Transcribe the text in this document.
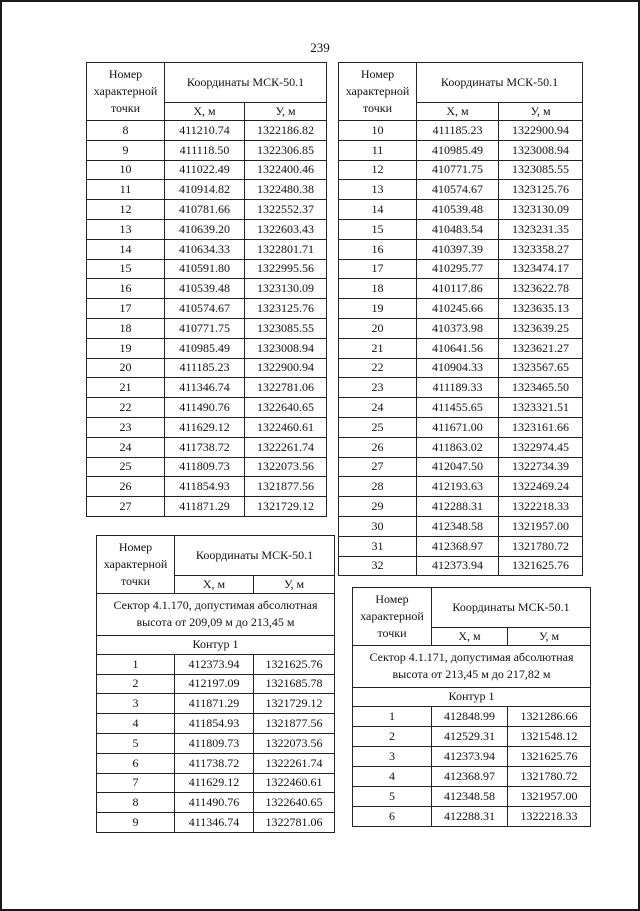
239
Номер характерной точки	Координаты МСК-50.1	
	Х, м	У, м
8	411210.74	1322186.82
9	411118.50	1322306.85
10	411022.49	1322400.46
11	410914.82	1322480.38
12	410781.66	1322552.37
13	410639.20	1322603.43
14	410634.33	1322801.71
15	410591.80	1322995.56
16	410539.48	1323130.09
17	410574.67	1323125.76
18	410771.75	1323085.55
19	410985.49	1323008.94
20	411185.23	1322900.94
21	411346.74	1322781.06
22	411490.76	1322640.65
23	411629.12	1322460.61
24	411738.72	1322261.74
25	411809.73	1322073.56
26	411854.93	1321877.56
27	411871.29	1321729.12
Номер характерной точки	Координаты МСК-50.1	
	Х, м	У, м
10	411185.23	1322900.94
11	410985.49	1323008.94
12	410771.75	1323085.55
13	410574.67	1323125.76
14	410539.48	1323130.09
15	410483.54	1323231.35
16	410397.39	1323358.27
17	410295.77	1323474.17
18	410117.86	1323622.78
19	410245.66	1323635.13
20	410373.98	1323639.25
21	410641.56	1323621.27
22	410904.33	1323567.65
23	411189.33	1323465.50
24	411455.65	1323321.51
25	411671.00	1323161.66
26	411863.02	1322974.45
27	412047.50	1322734.39
28	412193.63	1322469.24
29	412288.31	1322218.33
30	412348.58	1321957.00
31	412368.97	1321780.72
32	412373.94	1321625.76
Номер характерной точки	Координаты МСК-50.1	
	Х, м	У, м
Сектор 4.1.170, допустимая абсолютная высота от 209,09 м до 213,45 м		
Контур 1		
1	412373.94	1321625.76
2	412197.09	1321685.78
3	411871.29	1321729.12
4	411854.93	1321877.56
5	411809.73	1322073.56
6	411738.72	1322261.74
7	411629.12	1322460.61
8	411490.76	1322640.65
9	411346.74	1322781.06
Номер характерной точки	Координаты МСК-50.1	
	Х, м	У, м
Сектор 4.1.171, допустимая абсолютная высота от 213,45 м до 217,82 м		
Контур 1		
1	412848.99	1321286.66
2	412529.31	1321548.12
3	412373.94	1321625.76
4	412368.97	1321780.72
5	412348.58	1321957.00
6	412288.31	1322218.33
